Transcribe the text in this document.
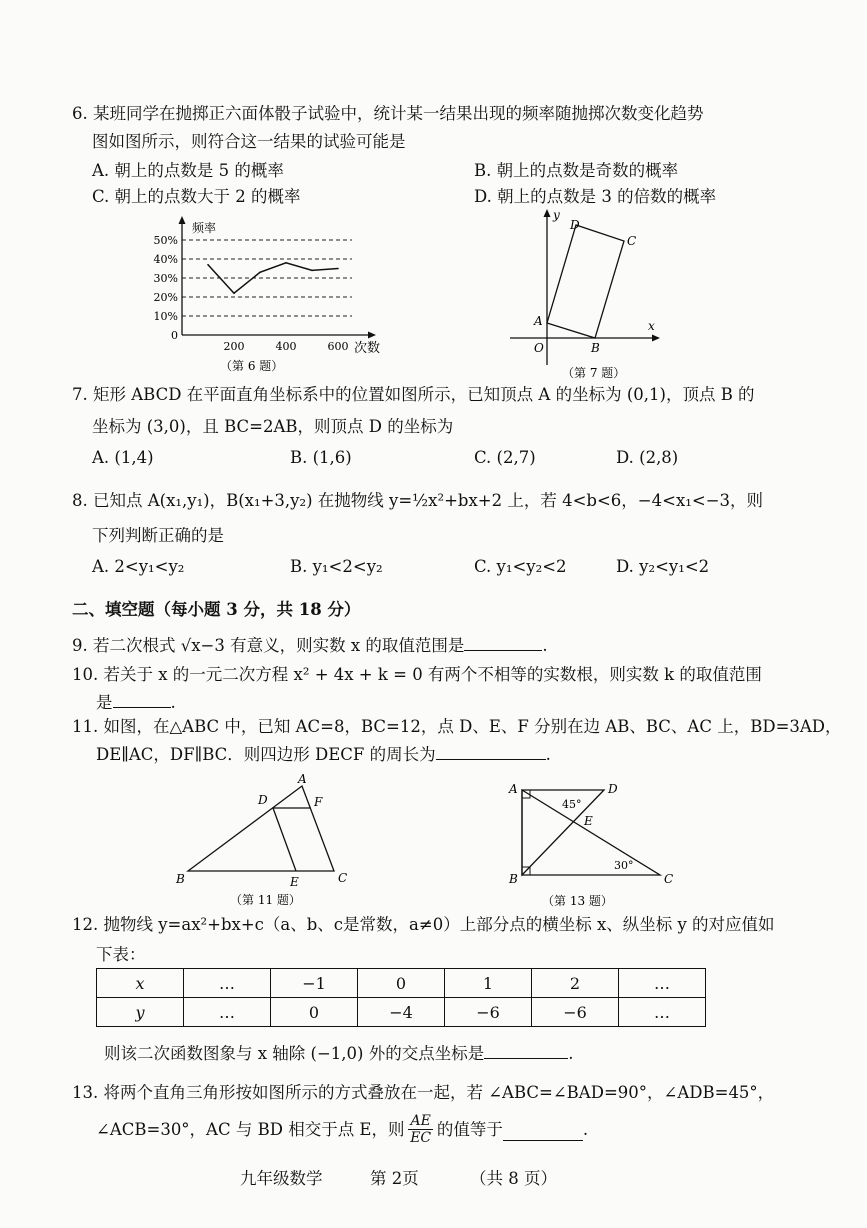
6. 某班同学在抛掷正六面体骰子试验中，统计某一结果出现的频率随抛掷次数变化趋势
图如图所示，则符合这一结果的试验可能是
A. 朝上的点数是 5 的概率	B. 朝上的点数是奇数的概率
C. 朝上的点数大于 2 的概率	D. 朝上的点数是 3 的倍数的概率
50%
40%
30%
20%
10%
0
200	400	600
频率
次数
（第 6 题）
y
x
O
A
B
C
D
（第 7 题）
7. 矩形 ABCD 在平面直角坐标系中的位置如图所示，已知顶点 A 的坐标为 (0,1)，顶点 B 的
坐标为 (3,0)，且 BC=2AB，则顶点 D 的坐标为
A. (1,4)	B. (1,6)	C. (2,7)	D. (2,8)
8. 已知点 A(x₁,y₁)，B(x₁+3,y₂) 在抛物线 y=½x²+bx+2 上，若 4<b<6，−4<x₁<−3，则
下列判断正确的是
A. 2<y₁<y₂	B. y₁<2<y₂	C. y₁<y₂<2	D. y₂<y₁<2
二、填空题（每小题 3 分，共 18 分）
9. 若二次根式 √x−3 有意义，则实数 x 的取值范围是	.
10. 若关于 x 的一元二次方程 x² + 4x + k = 0 有两个不相等的实数根，则实数 k 的取值范围
是	.
11. 如图，在△ABC 中，已知 AC=8，BC=12，点 D、E、F 分别在边 AB、BC、AC 上，BD=3AD，
DE∥AC，DF∥BC．则四边形 DECF 的周长为	.
A
D	F
B	E	C
（第 11 题）
A	D
45°
E
30°
B	C
（第 13 题）
12. 抛物线 y=ax²+bx+c（a、b、c是常数，a≠0）上部分点的横坐标 x、纵坐标 y 的对应值如
下表：
x	…	−1	0	1	2	…
y	…	0	−4	−6	−6	…
则该二次函数图象与 x 轴除 (−1,0) 外的交点坐标是	.
13. 将两个直角三角形按如图所示的方式叠放在一起，若 ∠ABC=∠BAD=90°，∠ADB=45°，
∠ACB=30°，AC 与 BD 相交于点 E，则 $\frac{AE}{EC}$ 的值等于	.
九年级数学	第 2页	（共 8 页）
